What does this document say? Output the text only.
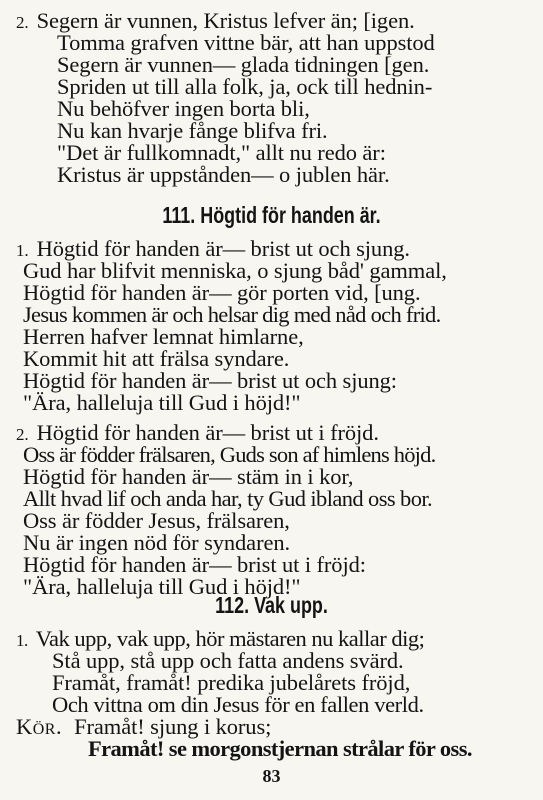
2. Segern är vunnen, Kristus lefver än; [igen.
Tomma grafven vittne bär, att han uppstod
Segern är vunnen— glada tidningen [gen.
Spriden ut till alla folk, ja, ock till hednin-
Nu behöfver ingen borta bli,
Nu kan hvarje fånge blifva fri.
"Det är fullkomnadt," allt nu redo är:
Kristus är uppstånden— o jublen här.
111. Högtid för handen är.
1. Högtid för handen är— brist ut och sjung.
Gud har blifvit menniska, o sjung båd' gammal,
Högtid för handen är— gör porten vid, [ung.
Jesus kommen är och helsar dig med nåd och frid.
Herren hafver lemnat himlarne,
Kommit hit att frälsa syndare.
Högtid för handen är— brist ut och sjung:
"Ära, halleluja till Gud i höjd!"
2. Högtid för handen är— brist ut i fröjd.
Oss är födder frälsaren, Guds son af himlens höjd.
Högtid för handen är— stäm in i kor,
Allt hvad lif och anda har, ty Gud ibland oss bor.
Oss är födder Jesus, frälsaren,
Nu är ingen nöd för syndaren.
Högtid för handen är— brist ut i fröjd:
"Ära, halleluja till Gud i höjd!"
112. Vak upp.
1. Vak upp, vak upp, hör mästaren nu kallar dig;
Stå upp, stå upp och fatta andens svärd.
Framåt, framåt! predika jubelårets fröjd,
Och vittna om din Jesus för en fallen verld.
Kör. Framåt! sjung i korus;
Framåt! se morgonstjernan strålar för oss.
83
